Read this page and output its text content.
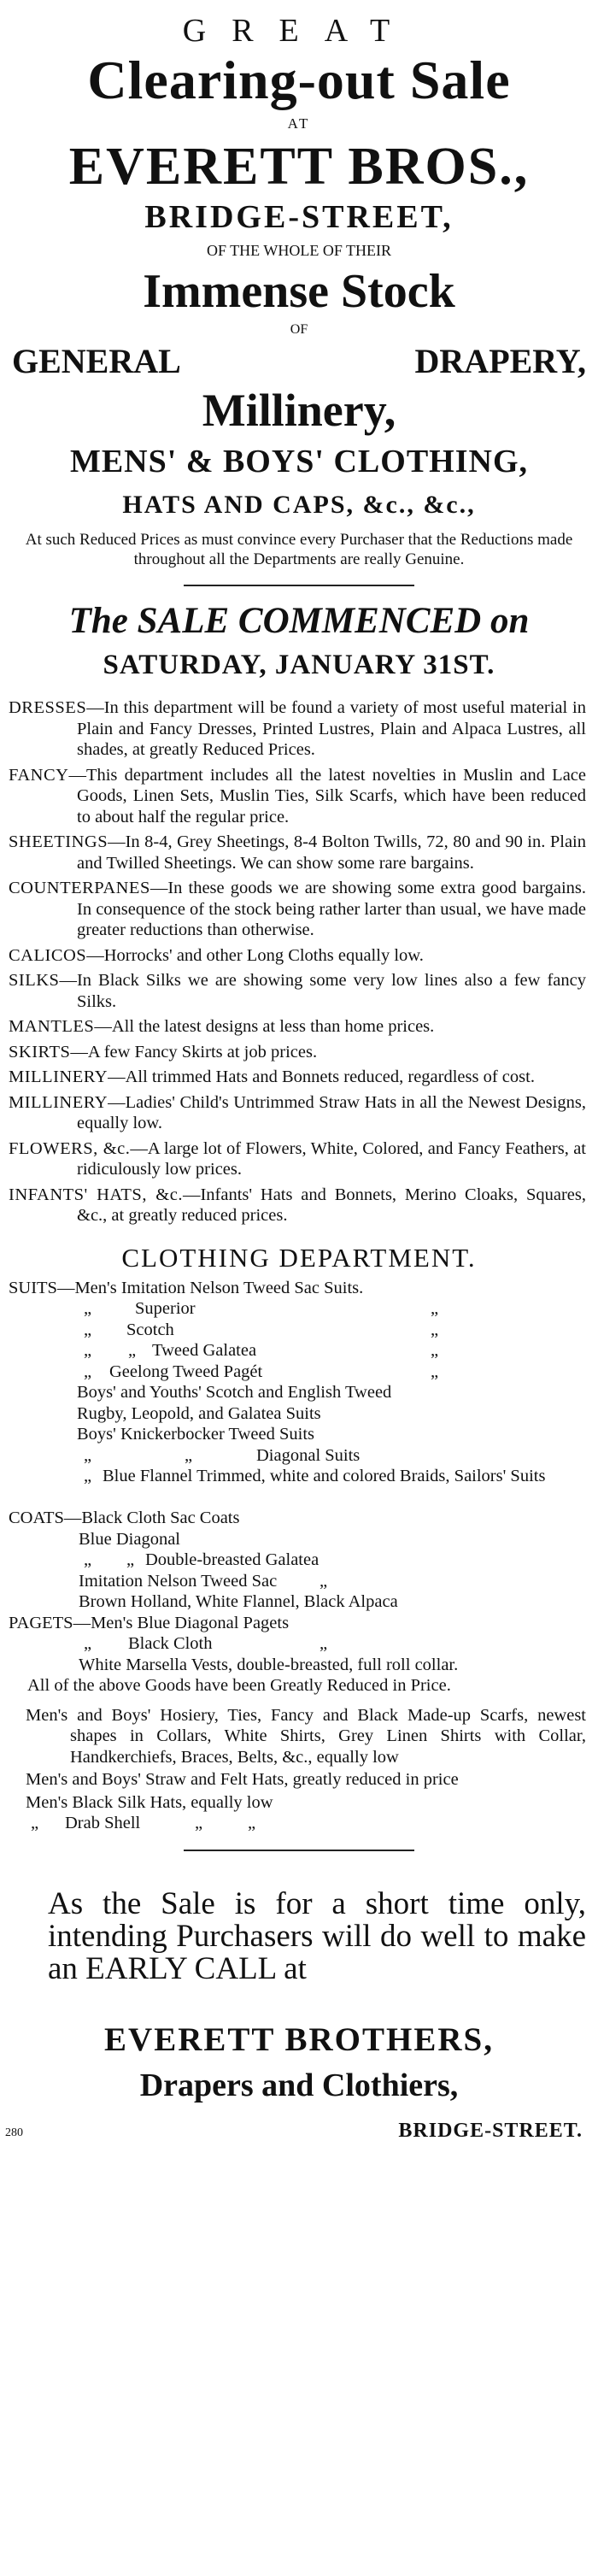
GREAT

Clearing-out Sale

AT

EVERETT BROS.,

BRIDGE-STREET,

OF THE WHOLE OF THEIR

Immense Stock

OF

GENERAL	DRAPERY,

Millinery,

MENS' & BOYS' CLOTHING,

HATS AND CAPS, &c., &c.,

At such Reduced Prices as must convince every Purchaser that the Reductions made throughout all the Departments are really Genuine.

The SALE COMMENCED on

SATURDAY, JANUARY 31ST.

DRESSES—In this department will be found a variety of most useful material in Plain and Fancy Dresses, Printed Lustres, Plain and Alpaca Lustres, all shades, at greatly Reduced Prices.
FANCY—This department includes all the latest novelties in Muslin and Lace Goods, Linen Sets, Muslin Ties, Silk Scarfs, which have been reduced to about half the regular price.
SHEETINGS—In 8-4, Grey Sheetings, 8-4 Bolton Twills, 72, 80 and 90 in. Plain and Twilled Sheetings. We can show some rare bargains.
COUNTERPANES—In these goods we are showing some extra good bargains. In consequence of the stock being rather larter than usual, we have made greater reductions than otherwise.
CALICOS—Horrocks' and other Long Cloths equally low.
SILKS—In Black Silks we are showing some very low lines also a few fancy Silks.
MANTLES—All the latest designs at less than home prices.
SKIRTS—A few Fancy Skirts at job prices.
MILLINERY—All trimmed Hats and Bonnets reduced, regardless of cost.
MILLINERY—Ladies' Child's Untrimmed Straw Hats in all the Newest Designs, equally low.
FLOWERS, &c.—A large lot of Flowers, White, Colored, and Fancy Feathers, at ridiculously low prices.
INFANTS' HATS, &c.—Infants' Hats and Bonnets, Merino Cloaks, Squares, &c., at greatly reduced prices.

CLOTHING DEPARTMENT.

SUITS—Men's Imitation Nelson Tweed Sac Suits.
„ Superior	„
„ Scotch	„
„ „ Tweed Galatea	„
„ Geelong Tweed Pagét	„
Boys' and Youths' Scotch and English Tweed
Rugby, Leopold, and Galatea Suits
Boys' Knickerbocker Tweed Suits
„	„	Diagonal Suits
„ Blue Flannel Trimmed, white and colored Braids, Sailors' Suits
COATS—Black Cloth Sac Coats
Blue Diagonal
„ „ Double-breasted Galatea
Imitation Nelson Tweed Sac „
Brown Holland, White Flannel, Black Alpaca
PAGETS—Men's Blue Diagonal Pagets
„ Black Cloth	„
White Marsella Vests, double-breasted, full roll collar.
All of the above Goods have been Greatly Reduced in Price.
Men's and Boys' Hosiery, Ties, Fancy and Black Made-up Scarfs, newest shapes in Collars, White Shirts, Grey Linen Shirts with Collar, Handkerchiefs, Braces, Belts, &c., equally low
Men's and Boys' Straw and Felt Hats, greatly reduced in price
Men's Black Silk Hats, equally low
„ Drab Shell	„	„

As the Sale is for a short time only, intending Purchasers will do well to make an EARLY CALL at

EVERETT BROTHERS,

Drapers and Clothiers,

280	BRIDGE-STREET.
